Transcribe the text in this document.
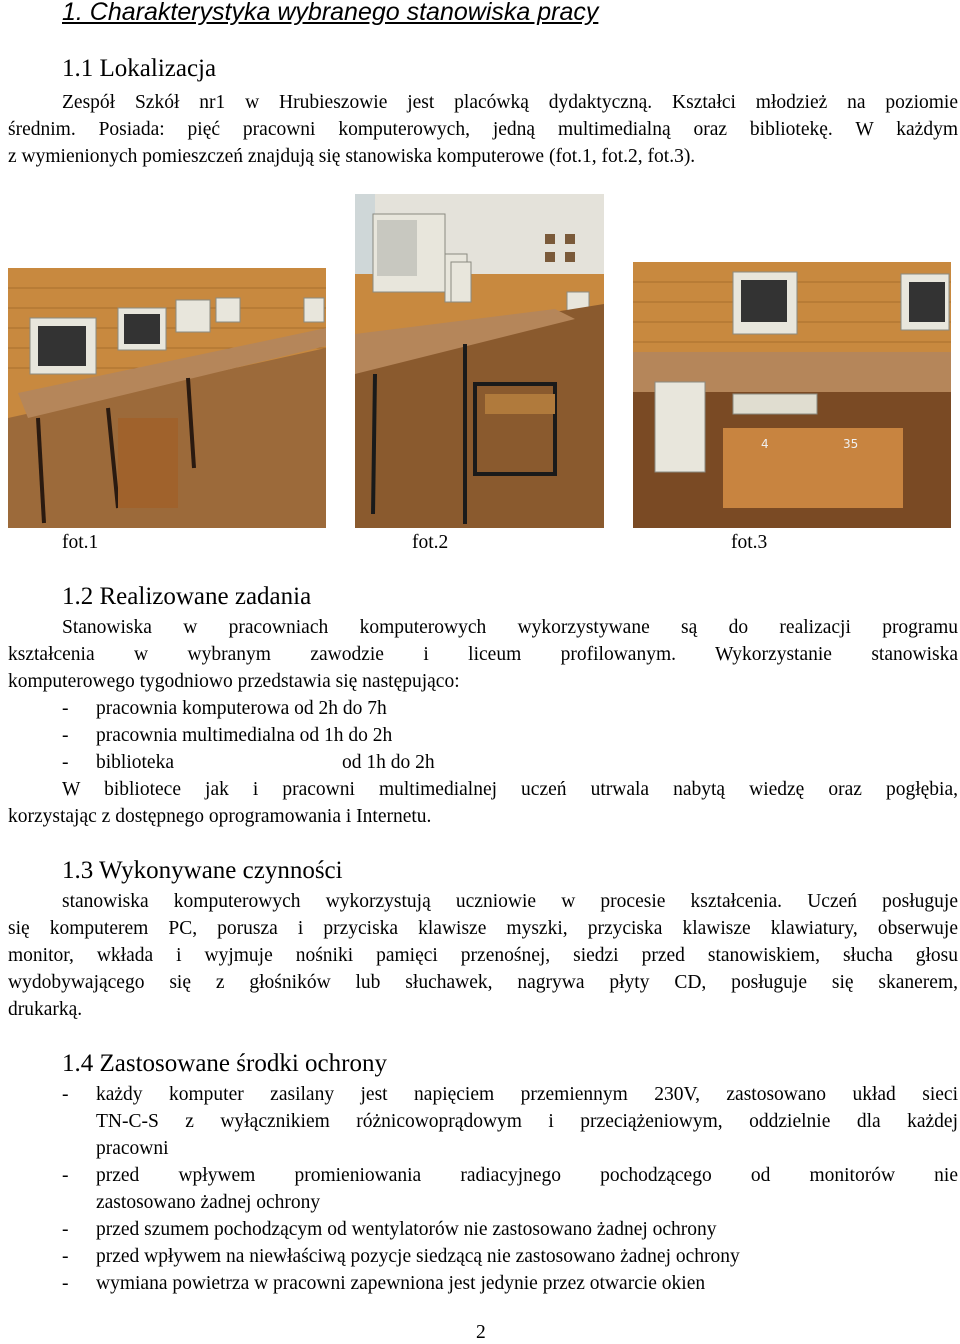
1. Charakterystyka wybranego stanowiska pracy
1.1 Lokalizacja
Zespół Szkół nr1 w Hrubieszowie jest placówką dydaktyczną. Kształci młodzież na poziomie
średnim. Posiada: pięć pracowni komputerowych, jedną multimedialną oraz bibliotekę. W każdym
z wymienionych pomieszczeń znajdują się stanowiska komputerowe (fot.1, fot.2, fot.3).
4	35
fot.1	fot.2	fot.3
1.2 Realizowane zadania
Stanowiska w pracowniach komputerowych wykorzystywane są do realizacji programu
kształcenia w wybranym zawodzie i liceum profilowanym. Wykorzystanie stanowiska
komputerowego tygodniowo przedstawia się następująco:
- pracownia komputerowa od 2h do 7h
- pracownia multimedialna od 1h do 2h
- biblioteka	od 1h do 2h
W bibliotece jak i pracowni multimedialnej uczeń utrwala nabytą wiedzę oraz pogłębia,
korzystając z dostępnego oprogramowania i Internetu.
1.3 Wykonywane czynności
stanowiska komputerowych wykorzystują uczniowie w procesie kształcenia. Uczeń posługuje
się komputerem PC, porusza i przyciska klawisze myszki, przyciska klawisze klawiatury, obserwuje
monitor, wkłada i wyjmuje nośniki pamięci przenośnej, siedzi przed stanowiskiem, słucha głosu
wydobywającego się z głośników lub słuchawek, nagrywa płyty CD, posługuje się skanerem,
drukarką.
1.4 Zastosowane środki ochrony
- każdy komputer zasilany jest napięciem przemiennym 230V, zastosowano układ sieci
TN-C-S z wyłącznikiem różnicowoprądowym i przeciążeniowym, oddzielnie dla każdej
pracowni
- przed wpływem promieniowania radiacyjnego pochodzącego od monitorów nie
zastosowano żadnej ochrony
- przed szumem pochodzącym od wentylatorów nie zastosowano żadnej ochrony
- przed wpływem na niewłaściwą pozycje siedzącą nie zastosowano żadnej ochrony
- wymiana powietrza w pracowni zapewniona jest jedynie przez otwarcie okien
2
